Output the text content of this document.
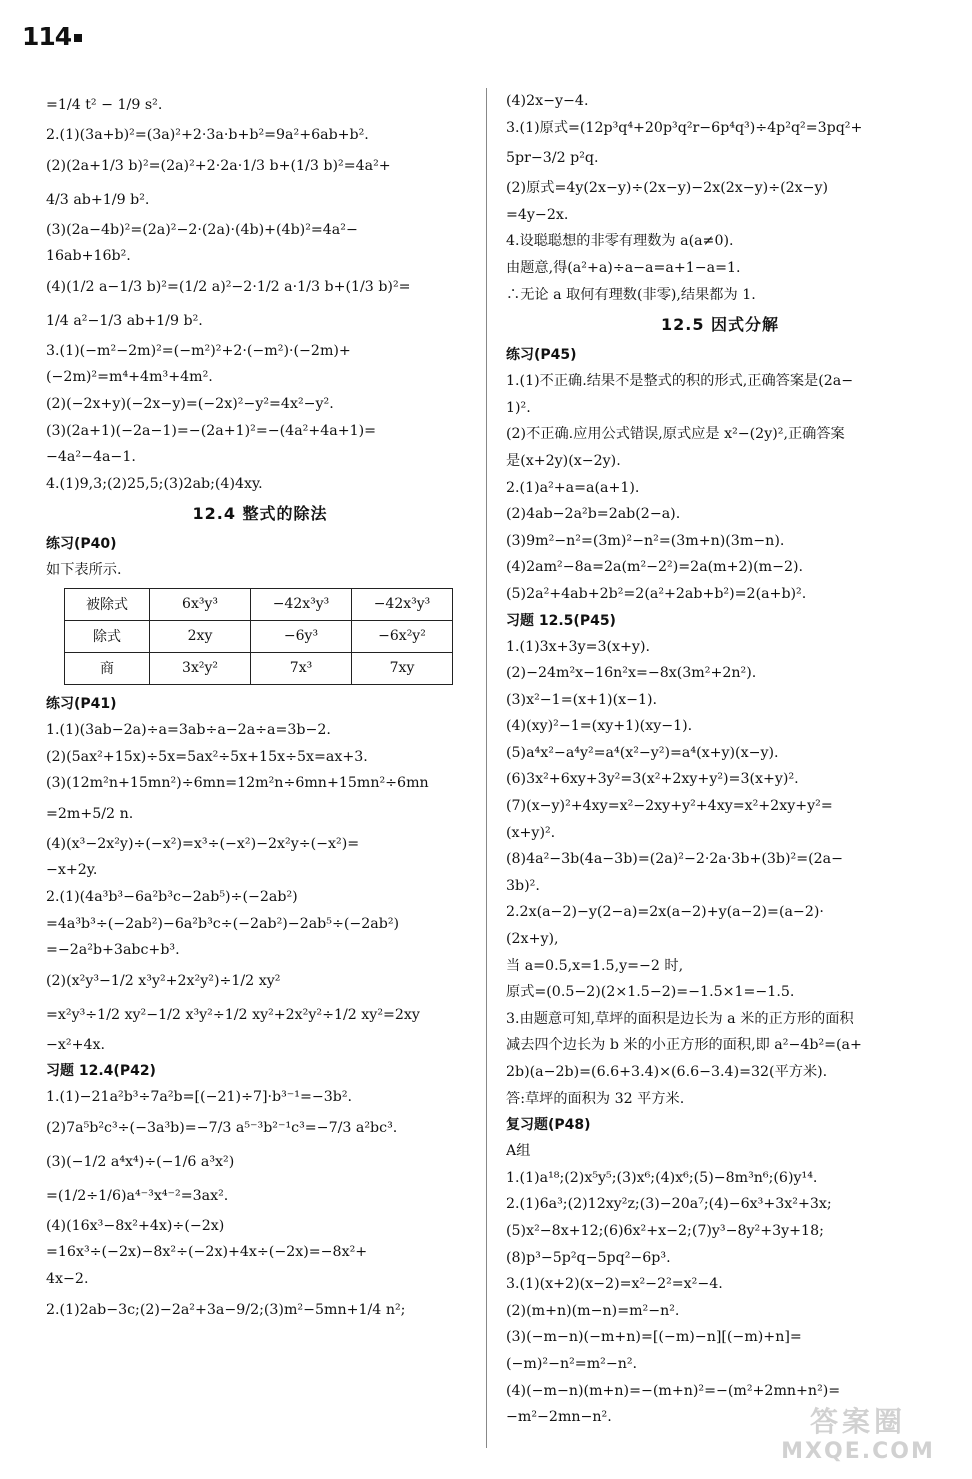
114
=1/4 t² − 1/9 s².
2.(1)(3a+b)²=(3a)²+2·3a·b+b²=9a²+6ab+b².
(2)(2a+1/3 b)²=(2a)²+2·2a·1/3 b+(1/3 b)²=4a²+
4/3 ab+1/9 b².
(3)(2a−4b)²=(2a)²−2·(2a)·(4b)+(4b)²=4a²−
16ab+16b².
(4)(1/2 a−1/3 b)²=(1/2 a)²−2·1/2 a·1/3 b+(1/3 b)²=
1/4 a²−1/3 ab+1/9 b².
3.(1)(−m²−2m)²=(−m²)²+2·(−m²)·(−2m)+
(−2m)²=m⁴+4m³+4m².
(2)(−2x+y)(−2x−y)=(−2x)²−y²=4x²−y².
(3)(2a+1)(−2a−1)=−(2a+1)²=−(4a²+4a+1)=
−4a²−4a−1.
4.(1)9,3;(2)25,5;(3)2ab;(4)4xy.
12.4 整式的除法
练习(P40)
如下表所示.
被除式	6x³y³	−42x³y³	−42x³y³
除式	2xy	−6y³	−6x²y²
商	3x²y²	7x³	7xy
练习(P41)
1.(1)(3ab−2a)÷a=3ab÷a−2a÷a=3b−2.
(2)(5ax²+15x)÷5x=5ax²÷5x+15x÷5x=ax+3.
(3)(12m²n+15mn²)÷6mn=12m²n÷6mn+15mn²÷6mn
=2m+5/2 n.
(4)(x³−2x²y)÷(−x²)=x³÷(−x²)−2x²y÷(−x²)=
−x+2y.
2.(1)(4a³b³−6a²b³c−2ab⁵)÷(−2ab²)
=4a³b³÷(−2ab²)−6a²b³c÷(−2ab²)−2ab⁵÷(−2ab²)
=−2a²b+3abc+b³.
(2)(x²y³−1/2 x³y²+2x²y²)÷1/2 xy²
=x²y³÷1/2 xy²−1/2 x³y²÷1/2 xy²+2x²y²÷1/2 xy²=2xy
−x²+4x.
习题 12.4(P42)
1.(1)−21a²b³÷7a²b=[(−21)÷7]·b³⁻¹=−3b².
(2)7a⁵b²c³÷(−3a³b)=−7/3 a⁵⁻³b²⁻¹c³=−7/3 a²bc³.
(3)(−1/2 a⁴x⁴)÷(−1/6 a³x²)
=(1/2÷1/6)a⁴⁻³x⁴⁻²=3ax².
(4)(16x³−8x²+4x)÷(−2x)
=16x³÷(−2x)−8x²÷(−2x)+4x÷(−2x)=−8x²+
4x−2.
2.(1)2ab−3c;(2)−2a²+3a−9/2;(3)m²−5mn+1/4 n²;
(4)2x−y−4.
3.(1)原式=(12p³q⁴+20p³q²r−6p⁴q³)÷4p²q²=3pq²+
5pr−3/2 p²q.
(2)原式=4y(2x−y)÷(2x−y)−2x(2x−y)÷(2x−y)
=4y−2x.
4.设聪聪想的非零有理数为 a(a≠0).
由题意,得(a²+a)÷a−a=a+1−a=1.
∴无论 a 取何有理数(非零),结果都为 1.
12.5 因式分解
练习(P45)
1.(1)不正确.结果不是整式的积的形式,正确答案是(2a−
1)².
(2)不正确.应用公式错误,原式应是 x²−(2y)²,正确答案
是(x+2y)(x−2y).
2.(1)a²+a=a(a+1).
(2)4ab−2a²b=2ab(2−a).
(3)9m²−n²=(3m)²−n²=(3m+n)(3m−n).
(4)2am²−8a=2a(m²−2²)=2a(m+2)(m−2).
(5)2a²+4ab+2b²=2(a²+2ab+b²)=2(a+b)².
习题 12.5(P45)
1.(1)3x+3y=3(x+y).
(2)−24m²x−16n²x=−8x(3m²+2n²).
(3)x²−1=(x+1)(x−1).
(4)(xy)²−1=(xy+1)(xy−1).
(5)a⁴x²−a⁴y²=a⁴(x²−y²)=a⁴(x+y)(x−y).
(6)3x²+6xy+3y²=3(x²+2xy+y²)=3(x+y)².
(7)(x−y)²+4xy=x²−2xy+y²+4xy=x²+2xy+y²=
(x+y)².
(8)4a²−3b(4a−3b)=(2a)²−2·2a·3b+(3b)²=(2a−
3b)².
2.2x(a−2)−y(2−a)=2x(a−2)+y(a−2)=(a−2)·
(2x+y),
当 a=0.5,x=1.5,y=−2 时,
原式=(0.5−2)(2×1.5−2)=−1.5×1=−1.5.
3.由题意可知,草坪的面积是边长为 a 米的正方形的面积
减去四个边长为 b 米的小正方形的面积,即 a²−4b²=(a+
2b)(a−2b)=(6.6+3.4)×(6.6−3.4)=32(平方米).
答:草坪的面积为 32 平方米.
复习题(P48)
A组
1.(1)a¹⁸;(2)x⁵y⁵;(3)x⁶;(4)x⁶;(5)−8m³n⁶;(6)y¹⁴.
2.(1)6a³;(2)12xy²z;(3)−20a⁷;(4)−6x³+3x²+3x;
(5)x²−8x+12;(6)6x²+x−2;(7)y³−8y²+3y+18;
(8)p³−5p²q−5pq²−6p³.
3.(1)(x+2)(x−2)=x²−2²=x²−4.
(2)(m+n)(m−n)=m²−n².
(3)(−m−n)(−m+n)=[(−m)−n][(−m)+n]=
(−m)²−n²=m²−n².
(4)(−m−n)(m+n)=−(m+n)²=−(m²+2mn+n²)=
−m²−2mn−n².	答案圈
MXQE.COM
